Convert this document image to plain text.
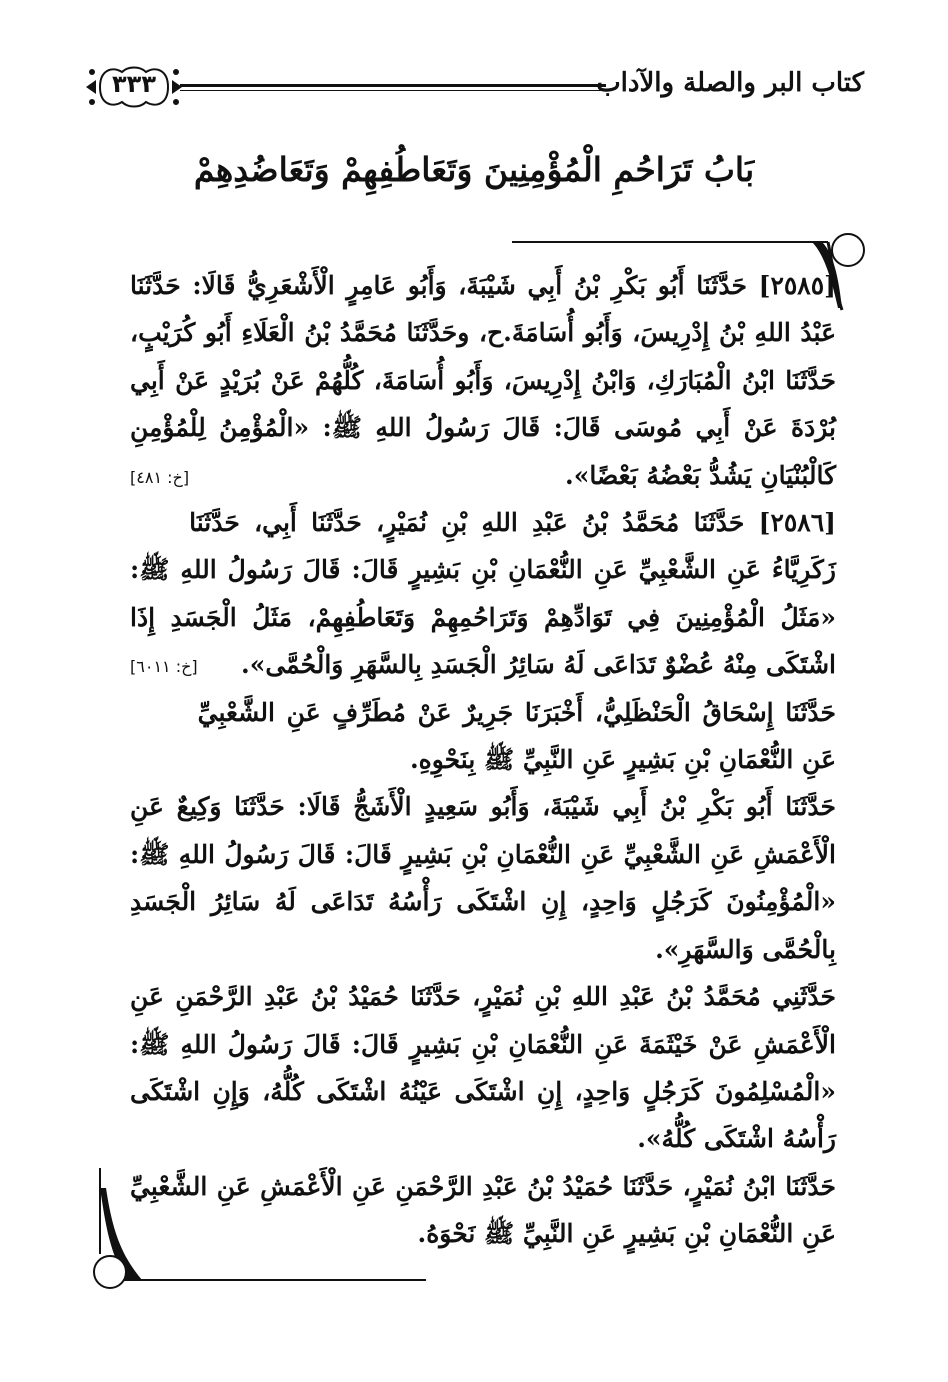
كتاب البر والصلة والآداب
٣٣٣
بَابُ تَرَاحُمِ الْمُؤْمِنِينَ وَتَعَاطُفِهِمْ وَتَعَاضُدِهِمْ

[٢٥٨٥] حَدَّثَنَا أَبُو بَكْرِ بْنُ أَبِي شَيْبَةَ، وَأَبُو عَامِرٍ الْأَشْعَرِيُّ قَالَا: حَدَّثَنَا عَبْدُ اللهِ بْنُ إِدْرِيسَ، وَأَبُو أُسَامَةَ.ح، وحَدَّثَنَا مُحَمَّدُ بْنُ الْعَلَاءِ أَبُو كُرَيْبٍ، حَدَّثَنَا ابْنُ الْمُبَارَكِ، وَابْنُ إِدْرِيسَ، وَأَبُو أُسَامَةَ، كُلُّهُمْ عَنْ بُرَيْدٍ عَنْ أَبِي بُرْدَةَ عَنْ أَبِي مُوسَى قَالَ: قَالَ رَسُولُ اللهِ ﷺ: «الْمُؤْمِنُ لِلْمُؤْمِنِ كَالْبُنْيَانِ يَشُدُّ بَعْضُهُ بَعْضًا».
[خ: ٤٨١]

[٢٥٨٦] حَدَّثَنَا مُحَمَّدُ بْنُ عَبْدِ اللهِ بْنِ نُمَيْرٍ، حَدَّثَنَا أَبِي، حَدَّثَنَا زَكَرِيَّاءُ عَنِ الشَّعْبِيِّ عَنِ النُّعْمَانِ بْنِ بَشِيرٍ قَالَ: قَالَ رَسُولُ اللهِ ﷺ: «مَثَلُ الْمُؤْمِنِينَ فِي تَوَادِّهِمْ وَتَرَاحُمِهِمْ وَتَعَاطُفِهِمْ، مَثَلُ الْجَسَدِ إِذَا اشْتَكَى مِنْهُ عُضْوٌ تَدَاعَى لَهُ سَائِرُ الْجَسَدِ بِالسَّهَرِ وَالْحُمَّى».
[خ: ٦٠١١]

حَدَّثَنَا إِسْحَاقُ الْحَنْظَلِيُّ، أَخْبَرَنَا جَرِيرٌ عَنْ مُطَرِّفٍ عَنِ الشَّعْبِيِّ عَنِ النُّعْمَانِ بْنِ بَشِيرٍ عَنِ النَّبِيِّ ﷺ بِنَحْوِهِ.

حَدَّثَنَا أَبُو بَكْرِ بْنُ أَبِي شَيْبَةَ، وَأَبُو سَعِيدٍ الْأَشَجُّ قَالَا: حَدَّثَنَا وَكِيعٌ عَنِ الْأَعْمَشِ عَنِ الشَّعْبِيِّ عَنِ النُّعْمَانِ بْنِ بَشِيرٍ قَالَ: قَالَ رَسُولُ اللهِ ﷺ: «الْمُؤْمِنُونَ كَرَجُلٍ وَاحِدٍ، إِنِ اشْتَكَى رَأْسُهُ تَدَاعَى لَهُ سَائِرُ الْجَسَدِ بِالْحُمَّى وَالسَّهَرِ».

حَدَّثَنِي مُحَمَّدُ بْنُ عَبْدِ اللهِ بْنِ نُمَيْرٍ، حَدَّثَنَا حُمَيْدُ بْنُ عَبْدِ الرَّحْمَنِ عَنِ الْأَعْمَشِ عَنْ خَيْثَمَةَ عَنِ النُّعْمَانِ بْنِ بَشِيرٍ قَالَ: قَالَ رَسُولُ اللهِ ﷺ: «الْمُسْلِمُونَ كَرَجُلٍ وَاحِدٍ، إِنِ اشْتَكَى عَيْنُهُ اشْتَكَى كُلُّهُ، وَإِنِ اشْتَكَى رَأْسُهُ اشْتَكَى كُلُّهُ».

حَدَّثَنَا ابْنُ نُمَيْرٍ، حَدَّثَنَا حُمَيْدُ بْنُ عَبْدِ الرَّحْمَنِ عَنِ الْأَعْمَشِ عَنِ الشَّعْبِيِّ عَنِ النُّعْمَانِ بْنِ بَشِيرٍ عَنِ النَّبِيِّ ﷺ نَحْوَهُ.
